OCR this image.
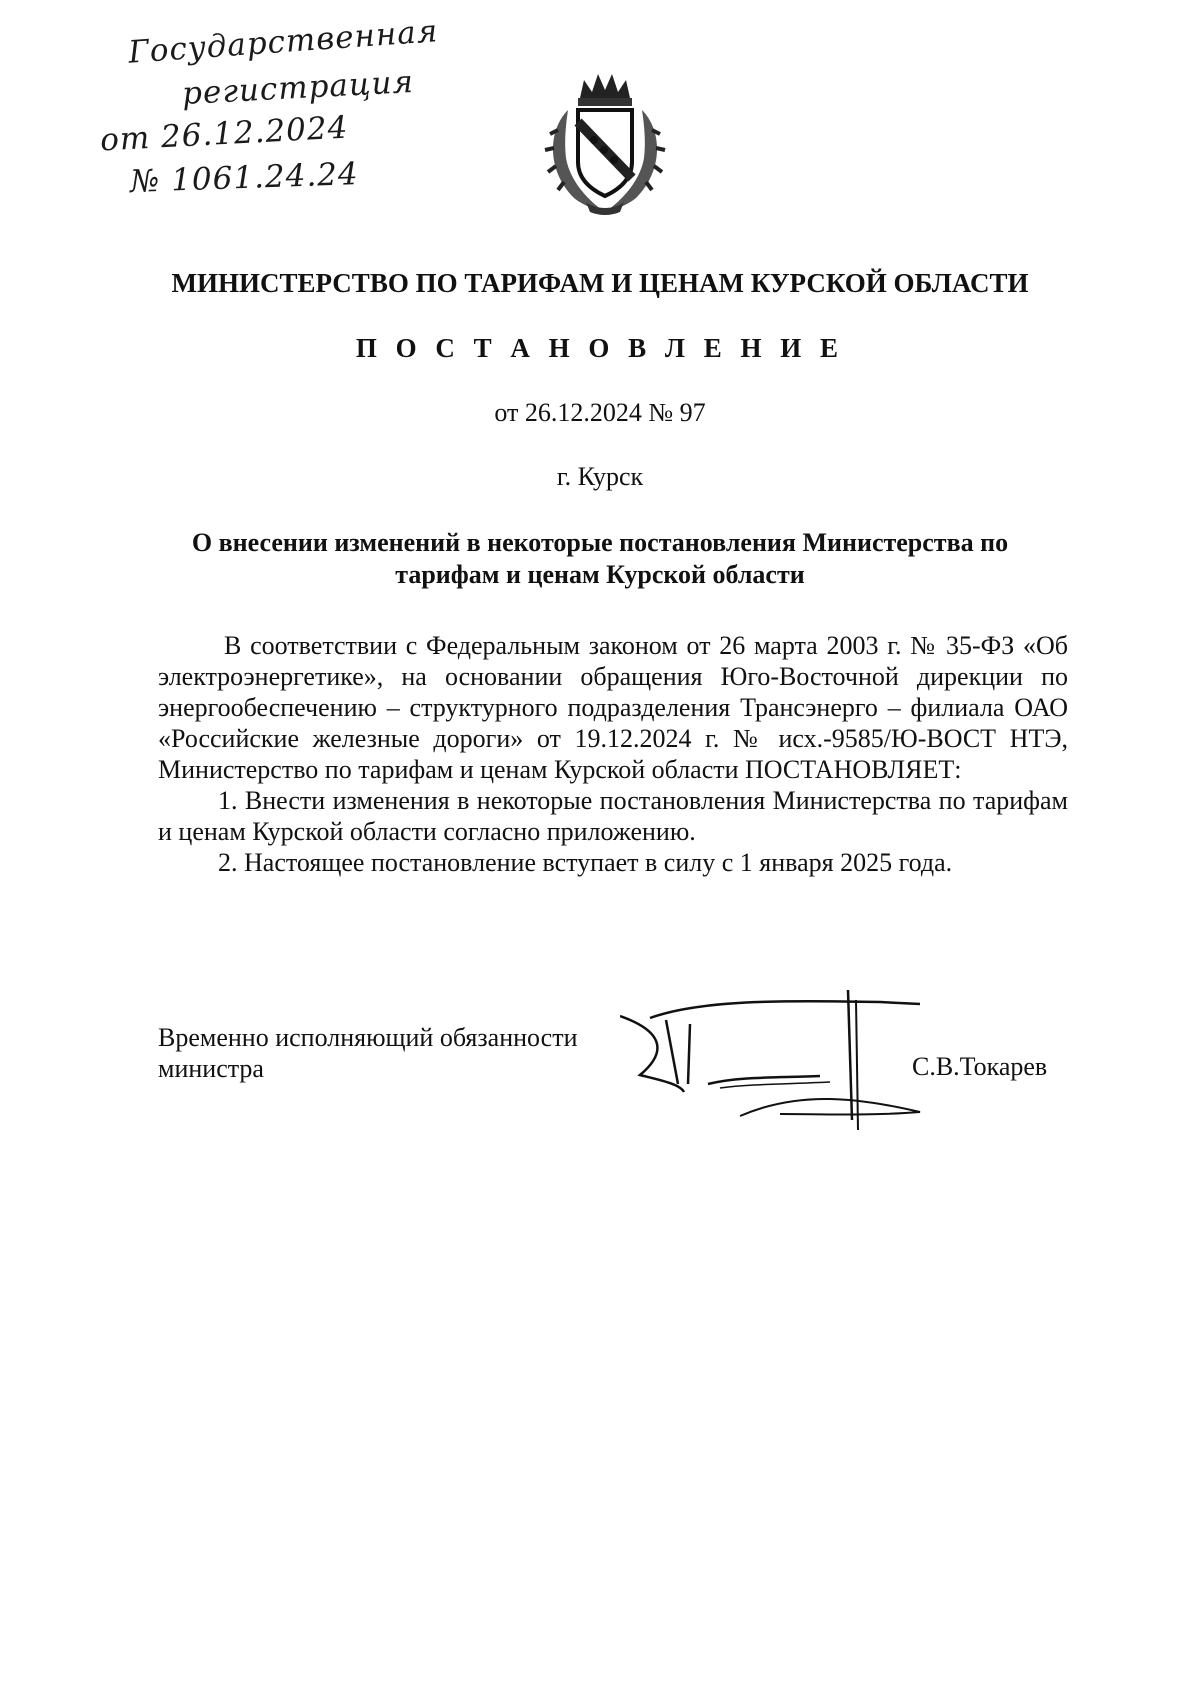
Государственная
регистрация
от 26.12.2024
№ 1061.24.24
МИНИСТЕРСТВО ПО ТАРИФАМ И ЦЕНАМ КУРСКОЙ ОБЛАСТИ
П О С Т А Н О В Л Е Н И Е
от 26.12.2024 № 97
г. Курск
О внесении изменений в некоторые постановления Министерства по
тарифам и ценам Курской области

В соответствии с Федеральным законом от 26 марта 2003 г. № 35-ФЗ «Об электроэнергетике», на основании обращения Юго-Восточной дирекции по энергообеспечению – структурного подразделения Трансэнерго – филиала ОАО «Российские железные дороги» от 19.12.2024 г. № исх.-9585/Ю-ВОСТ НТЭ, Министерство по тарифам и ценам Курской области ПОСТАНОВЛЯЕТ:

1. Внести изменения в некоторые постановления Министерства по тарифам и ценам Курской области согласно приложению.

2. Настоящее постановление вступает в силу с 1 января 2025 года.

Временно исполняющий обязанности
министра	С.В.Токарев
